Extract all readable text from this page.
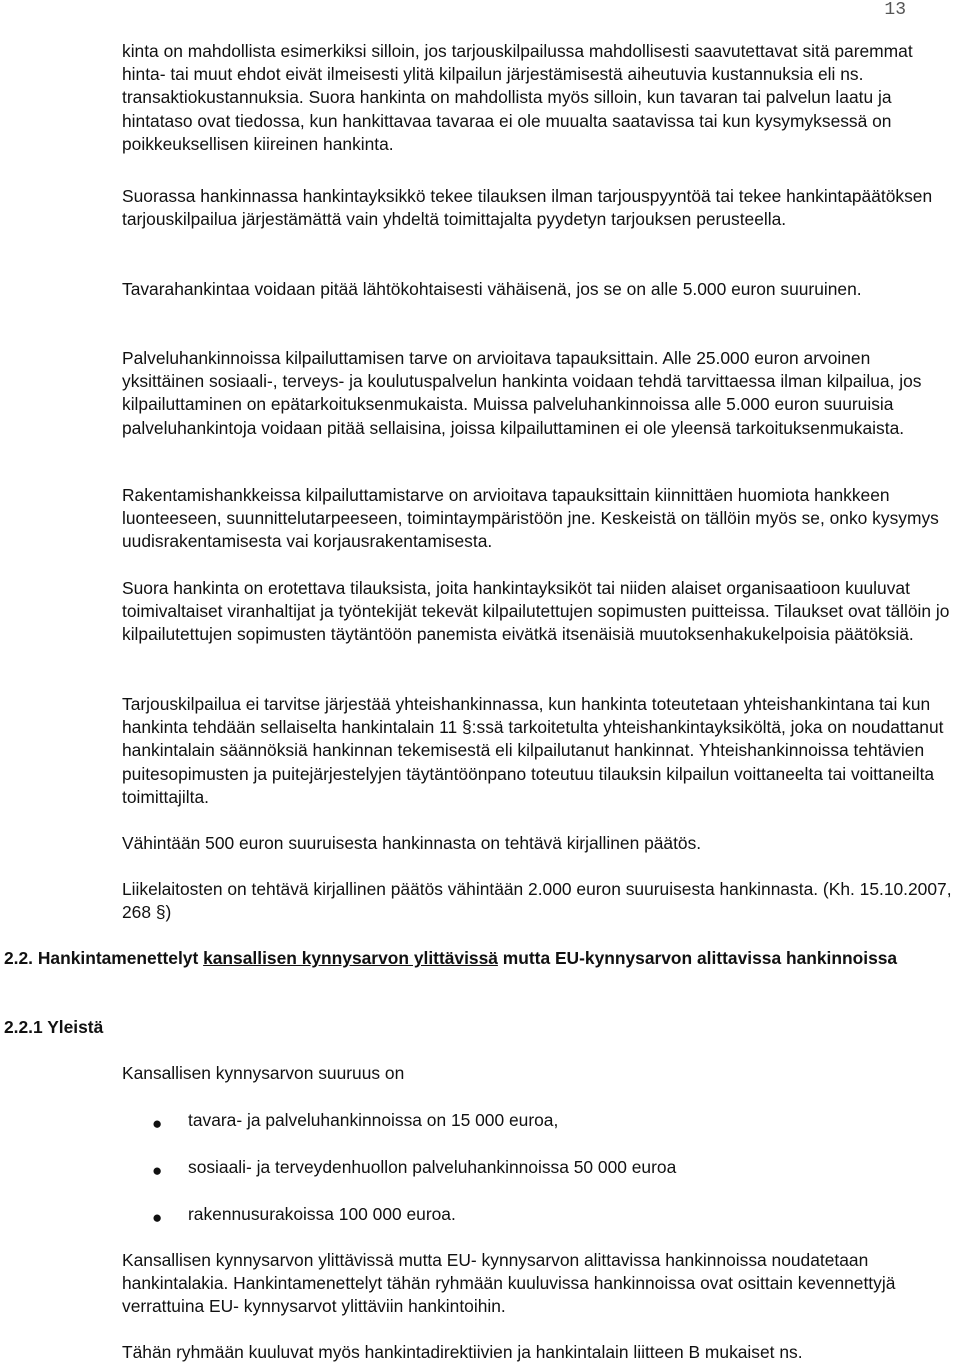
13

kinta on mahdollista esimerkiksi silloin, jos tarjouskilpailussa mahdollisesti saavutettavat sitä paremmat hinta- tai muut ehdot eivät ilmeisesti ylitä kilpailun järjestämisestä aiheutuvia kustannuksia eli ns. transaktiokustannuksia. Suora hankinta on mahdollista myös silloin, kun tavaran tai palvelun laatu ja hintataso ovat tiedossa, kun hankittavaa tavaraa ei ole muualta saatavissa tai kun kysymyksessä on poikkeuksellisen kiireinen hankinta.

Suorassa hankinnassa hankintayksikkö tekee tilauksen ilman tarjouspyyntöä tai tekee hankintapäätöksen tarjouskilpailua järjestämättä vain yhdeltä toimittajalta pyydetyn tarjouksen perusteella.

Tavarahankintaa voidaan pitää lähtökohtaisesti vähäisenä, jos se on alle 5.000 euron suuruinen.

Palveluhankinnoissa kilpailuttamisen tarve on arvioitava tapauksittain. Alle 25.000 euron arvoinen yksittäinen sosiaali-, terveys- ja koulutuspalvelun hankinta voidaan tehdä tarvittaessa ilman kilpailua, jos kilpailuttaminen on epätarkoituksenmukaista. Muissa palveluhankinnoissa alle 5.000 euron suuruisia palveluhankintoja voidaan pitää sellaisina, joissa kilpailuttaminen ei ole yleensä tarkoituksenmukaista.

Rakentamishankkeissa kilpailuttamistarve on arvioitava tapauksittain kiinnittäen huomiota hankkeen luonteeseen, suunnittelutarpeeseen, toimintaympäristöön jne. Keskeistä on tällöin myös se, onko kysymys uudisrakentamisesta vai korjausrakentamisesta.

Suora hankinta on erotettava tilauksista, joita hankintayksiköt tai niiden alaiset organisaatioon kuuluvat toimivaltaiset viranhaltijat ja työntekijät tekevät kilpailutettujen sopimusten puitteissa. Tilaukset ovat tällöin jo kilpailutettujen sopimusten täytäntöön panemista eivätkä itsenäisiä muutoksenhakukelpoisia päätöksiä.

Tarjouskilpailua ei tarvitse järjestää yhteishankinnassa, kun hankinta toteutetaan yhteishankintana tai kun hankinta tehdään sellaiselta hankintalain 11 §:ssä tarkoitetulta yhteishankintayksiköltä, joka on noudattanut hankintalain säännöksiä hankinnan tekemisestä eli kilpailutanut hankinnat. Yhteishankinnoissa tehtävien puitesopimusten ja puitejärjestelyjen täytäntöönpano toteutuu tilauksin kilpailun voittaneelta tai voittaneilta toimittajilta.

Vähintään 500 euron suuruisesta hankinnasta on tehtävä kirjallinen päätös.

Liikelaitosten on tehtävä kirjallinen päätös vähintään 2.000 euron suuruisesta hankinnasta. (Kh. 15.10.2007, 268 §)

2.2. Hankintamenettelyt kansallisen kynnysarvon ylittävissä mutta EU-kynnysarvon alittavissa hankinnoissa
2.2.1 Yleistä

Kansallisen kynnysarvon suuruus on

● tavara- ja palveluhankinnoissa on 15 000 euroa,
● sosiaali- ja terveydenhuollon palveluhankinnoissa 50 000 euroa
● rakennusurakoissa 100 000 euroa.

Kansallisen kynnysarvon ylittävissä mutta EU- kynnysarvon alittavissa hankinnoissa noudatetaan hankintalakia. Hankintamenettelyt tähän ryhmään kuuluvissa hankinnoissa ovat osittain kevennettyjä verrattuina EU- kynnysarvot ylittäviin hankintoihin.

Tähän ryhmään kuuluvat myös hankintadirektiivien ja hankintalain liitteen B mukaiset ns.
